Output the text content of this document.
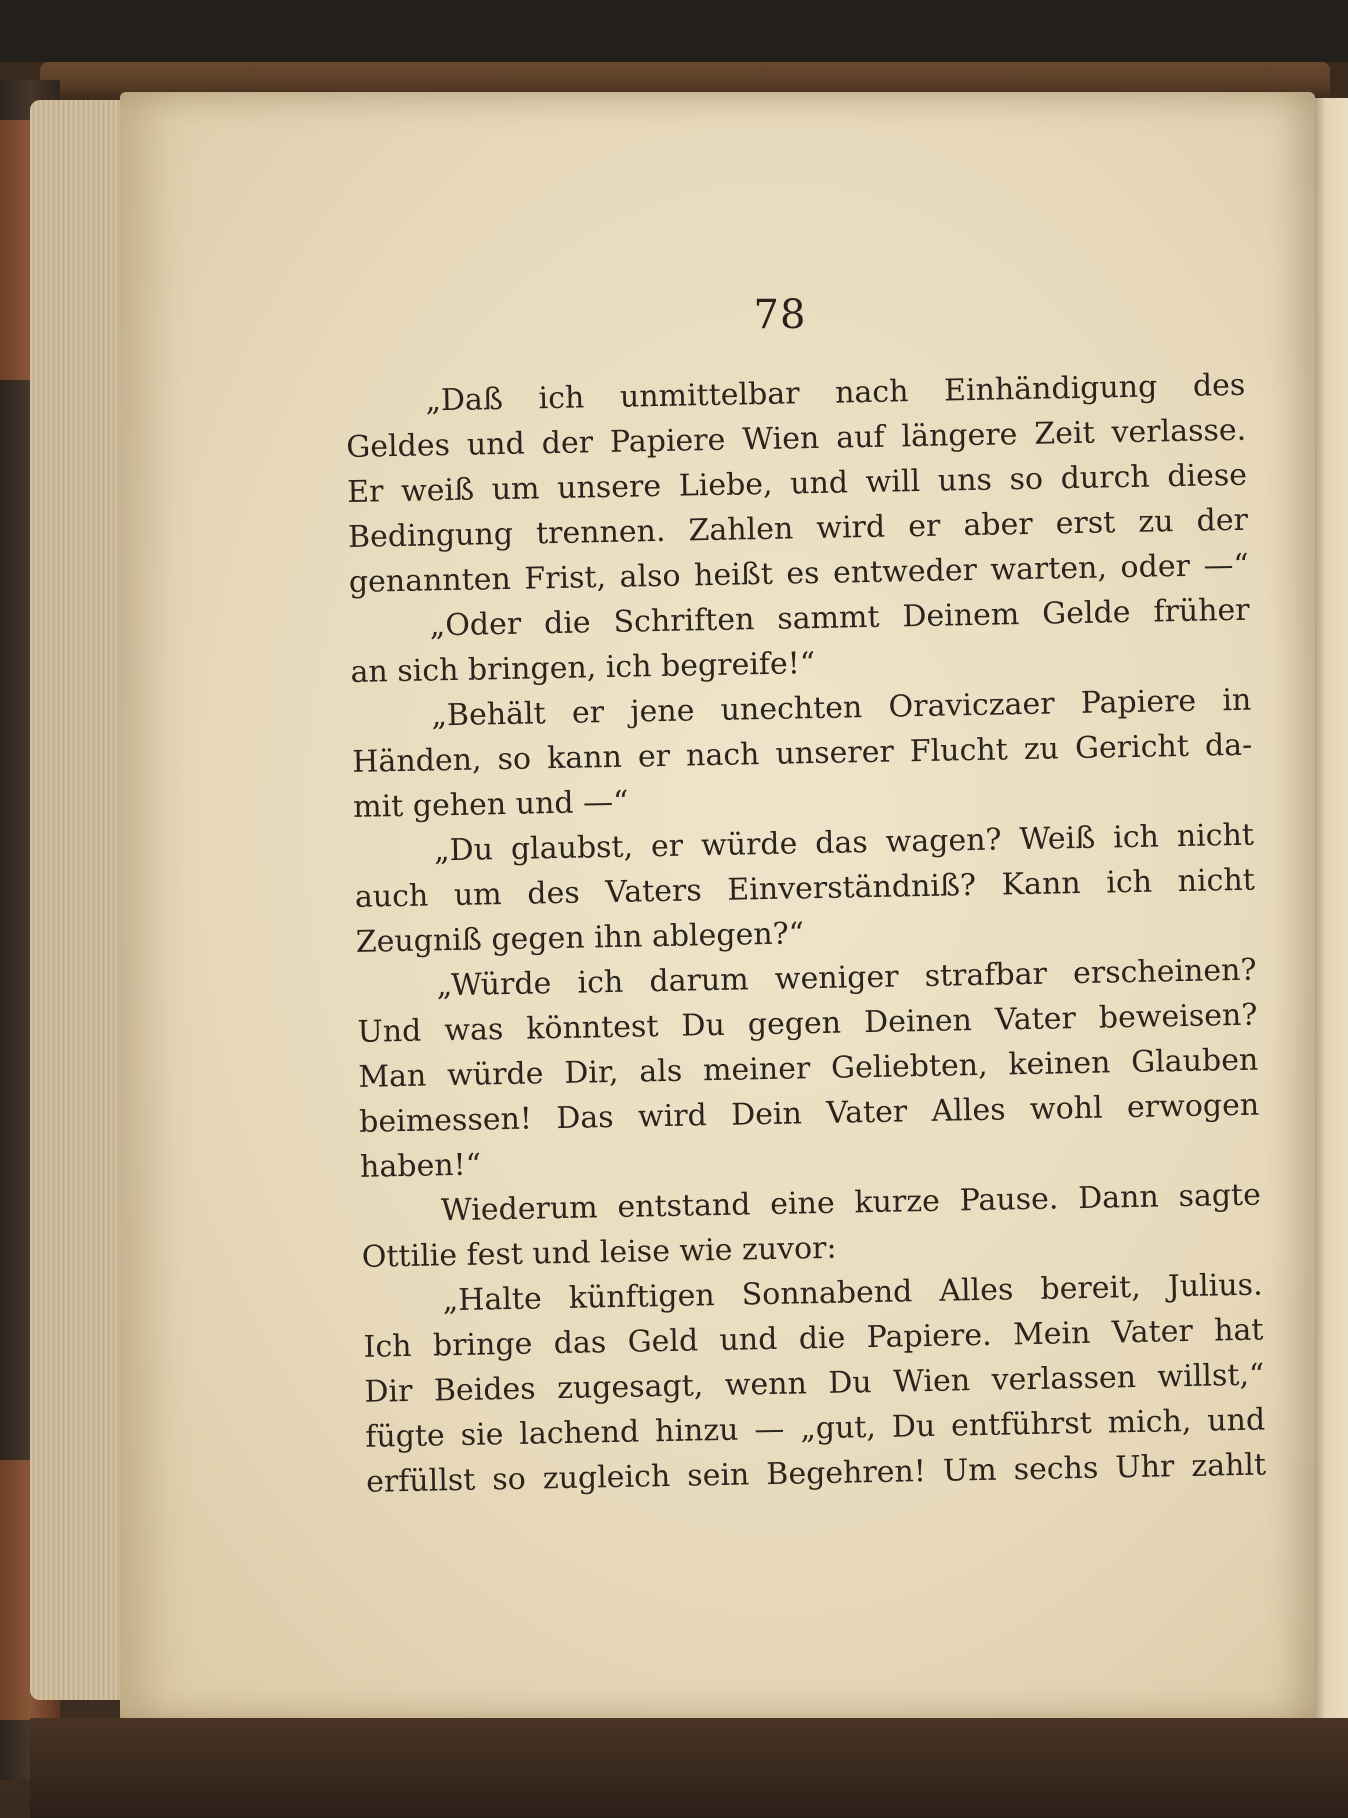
78
„Daß ich unmittelbar nach Einhändigung des
Geldes und der Papiere Wien auf längere Zeit verlasse.
Er weiß um unsere Liebe, und will uns so durch diese
Bedingung trennen. Zahlen wird er aber erst zu der
genannten Frist, also heißt es entweder warten, oder —“
„Oder die Schriften sammt Deinem Gelde früher
an sich bringen, ich begreife!“
„Behält er jene unechten Oraviczaer Papiere in
Händen, so kann er nach unserer Flucht zu Gericht da-
mit gehen und —“
„Du glaubst, er würde das wagen? Weiß ich nicht
auch um des Vaters Einverständniß? Kann ich nicht
Zeugniß gegen ihn ablegen?“
„Würde ich darum weniger strafbar erscheinen?
Und was könntest Du gegen Deinen Vater beweisen?
Man würde Dir, als meiner Geliebten, keinen Glauben
beimessen! Das wird Dein Vater Alles wohl erwogen
haben!“
Wiederum entstand eine kurze Pause. Dann sagte
Ottilie fest und leise wie zuvor:
„Halte künftigen Sonnabend Alles bereit, Julius.
Ich bringe das Geld und die Papiere. Mein Vater hat
Dir Beides zugesagt, wenn Du Wien verlassen willst,“
fügte sie lachend hinzu — „gut, Du entführst mich, und
erfüllst so zugleich sein Begehren! Um sechs Uhr zahlt
